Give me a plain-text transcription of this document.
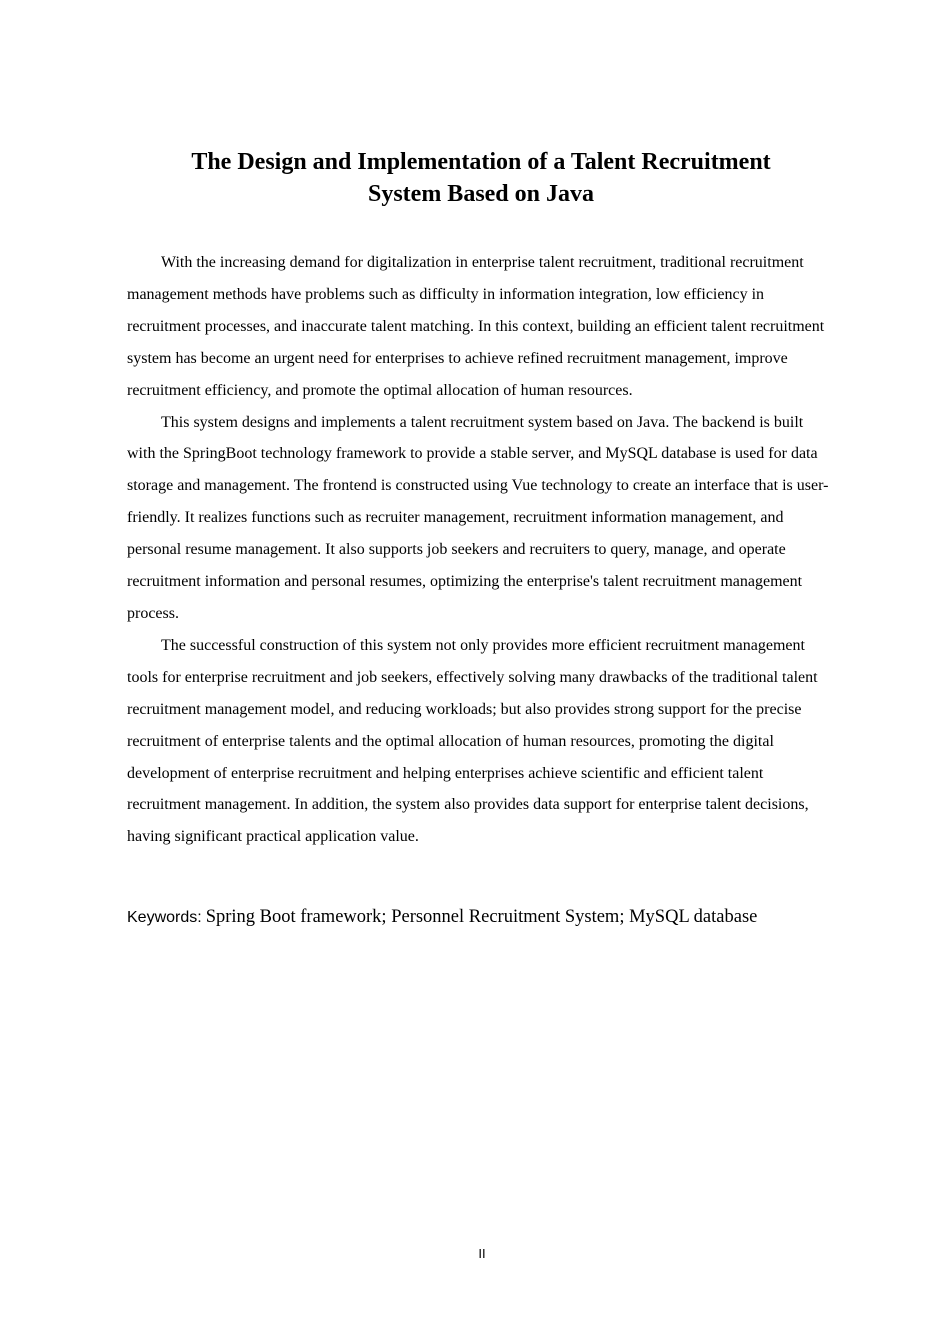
The Design and Implementation of a Talent Recruitment
System Based on Java

With the increasing demand for digitalization in enterprise talent recruitment, traditional recruitment management methods have problems such as difficulty in information integration, low efficiency in recruitment processes, and inaccurate talent matching. In this context, building an efficient talent recruitment system has become an urgent need for enterprises to achieve refined recruitment management, improve recruitment efficiency, and promote the optimal allocation of human resources.

This system designs and implements a talent recruitment system based on Java. The backend is built with the SpringBoot technology framework to provide a stable server, and MySQL database is used for data storage and management. The frontend is constructed using Vue technology to create an interface that is user-friendly. It realizes functions such as recruiter management, recruitment information management, and personal resume management. It also supports job seekers and recruiters to query, manage, and operate recruitment information and personal resumes, optimizing the enterprise's talent recruitment management process.

The successful construction of this system not only provides more efficient recruitment management tools for enterprise recruitment and job seekers, effectively solving many drawbacks of the traditional talent recruitment management model, and reducing workloads; but also provides strong support for the precise recruitment of enterprise talents and the optimal allocation of human resources, promoting the digital development of enterprise recruitment and helping enterprises achieve scientific and efficient talent recruitment management. In addition, the system also provides data support for enterprise talent decisions, having significant practical application value.

Keywords: Spring Boot framework; Personnel Recruitment System; MySQL database

II
